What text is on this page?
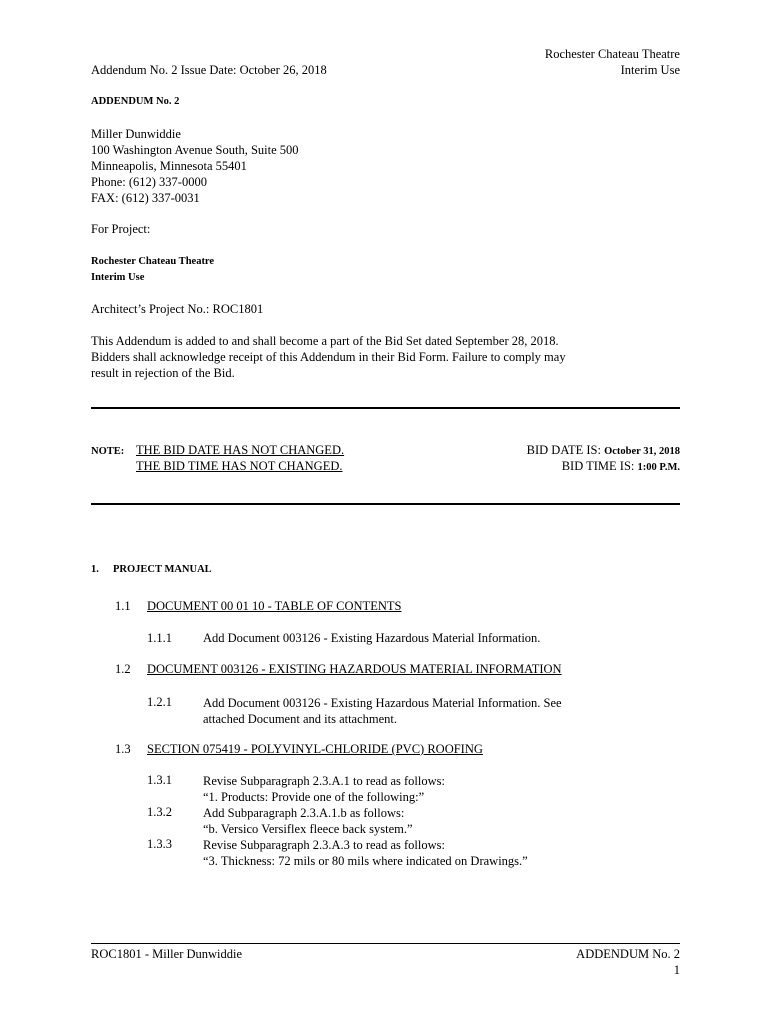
Rochester Chateau Theatre
Addendum No. 2 Issue Date: October 26, 2018	Interim Use
ADDENDUM No. 2
Miller Dunwiddie
100 Washington Avenue South, Suite 500
Minneapolis, Minnesota 55401
Phone: (612) 337-0000
FAX: (612) 337-0031
For Project:
Rochester Chateau Theatre
Interim Use
Architect’s Project No.: ROC1801
This Addendum is added to and shall become a part of the Bid Set dated September 28, 2018.
Bidders shall acknowledge receipt of this Addendum in their Bid Form. Failure to comply may
result in rejection of the Bid.
NOTE: THE BID DATE HAS NOT CHANGED.
THE BID TIME HAS NOT CHANGED.
BID DATE IS: October 31, 2018
BID TIME IS: 1:00 P.M.
1. PROJECT MANUAL
1.1 DOCUMENT 00 01 10 - TABLE OF CONTENTS
1.1.1 Add Document 003126 - Existing Hazardous Material Information.
1.2 DOCUMENT 003126 - EXISTING HAZARDOUS MATERIAL INFORMATION
1.2.1 Add Document 003126 - Existing Hazardous Material Information. See
attached Document and its attachment.
1.3 SECTION 075419 - POLYVINYL-CHLORIDE (PVC) ROOFING
1.3.1 Revise Subparagraph 2.3.A.1 to read as follows:
“1. Products: Provide one of the following:”
1.3.2 Add Subparagraph 2.3.A.1.b as follows:
“b. Versico Versiflex fleece back system.”
1.3.3 Revise Subparagraph 2.3.A.3 to read as follows:
“3. Thickness: 72 mils or 80 mils where indicated on Drawings.”
ROC1801 - Miller Dunwiddie	ADDENDUM No. 2
1
